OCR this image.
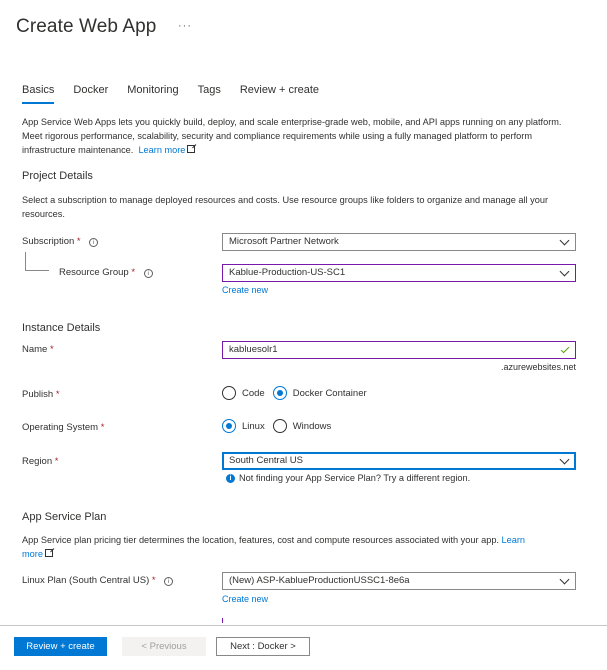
Create Web App ···
Basics Docker Monitoring Tags Review + create
App Service Web Apps lets you quickly build, deploy, and scale enterprise-grade web, mobile, and API apps running on any platform. Meet rigorous performance, scalability, security and compliance requirements while using a fully managed platform to perform infrastructure maintenance. Learn more
Project Details
Select a subscription to manage deployed resources and costs. Use resource groups like folders to organize and manage all your resources.
Subscription * i	Microsoft Partner Network
Resource Group * i	Kablue-Production-US-SC1
Create new
Instance Details
Name *	kabluesolr1
.azurewebsites.net
Publish *	Code	Docker Container
Operating System *	Linux	Windows
Region *	South Central US
i Not finding your App Service Plan? Try a different region.
App Service Plan
App Service plan pricing tier determines the location, features, cost and compute resources associated with your app. Learn
more
Linux Plan (South Central US) * i	(New) ASP-KablueProductionUSSC1-8e6a
Create new
Review + create	< Previous	Next : Docker >
